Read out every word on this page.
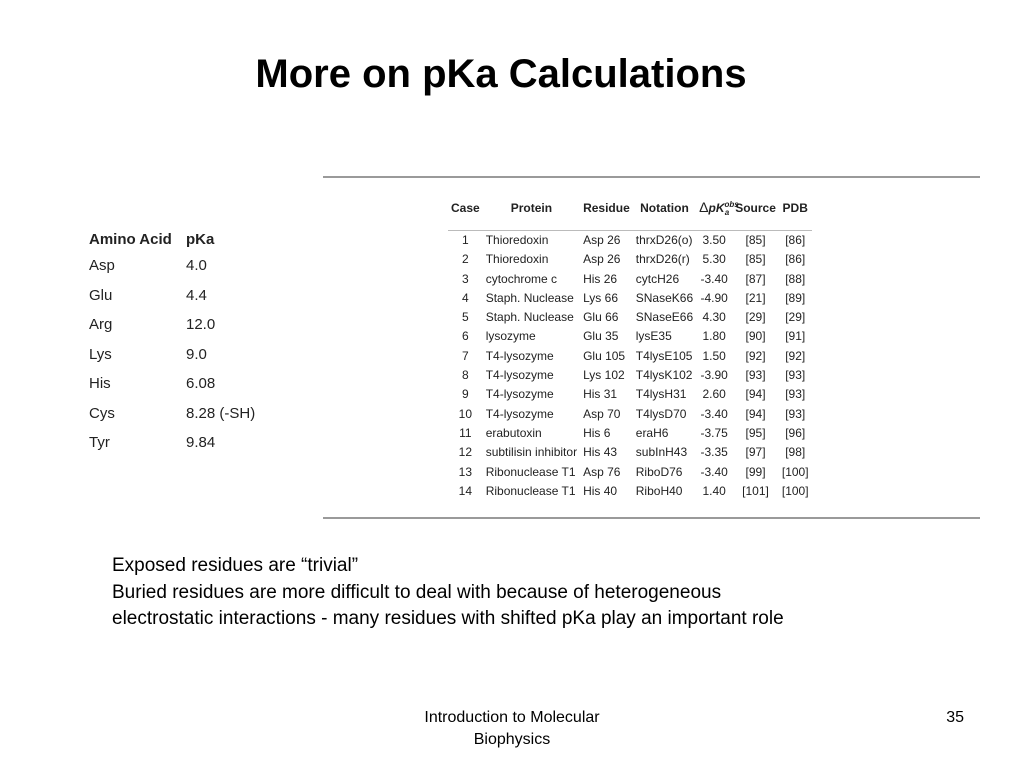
More on pKa Calculations
Amino Acid	pKa
Asp	4.0
Glu	4.4
Arg	12.0
Lys	9.0
His	6.08
Cys	8.28 (-SH)
Tyr	9.84
Case	Protein	Residue	Notation	ΔpK$^{obs}_a$	Source	PDB

1	Thioredoxin	Asp 26	thrxD26(o)	3.50	[85]	[86]
2	Thioredoxin	Asp 26	thrxD26(r)	5.30	[85]	[86]
3	cytochrome c	His 26	cytcH26	-3.40	[87]	[88]
4	Staph. Nuclease	Lys 66	SNaseK66	-4.90	[21]	[89]
5	Staph. Nuclease	Glu 66	SNaseE66	4.30	[29]	[29]
6	lysozyme	Glu 35	lysE35	1.80	[90]	[91]
7	T4-lysozyme	Glu 105	T4lysE105	1.50	[92]	[92]
8	T4-lysozyme	Lys 102	T4lysK102	-3.90	[93]	[93]
9	T4-lysozyme	His 31	T4lysH31	2.60	[94]	[93]
10	T4-lysozyme	Asp 70	T4lysD70	-3.40	[94]	[93]
11	erabutoxin	His 6	eraH6	-3.75	[95]	[96]
12	subtilisin inhibitor	His 43	subInH43	-3.35	[97]	[98]
13	Ribonuclease T1	Asp 76	RiboD76	-3.40	[99]	[100]
14	Ribonuclease T1	His 40	RiboH40	1.40	[101]	[100]
Exposed residues are “trivial”
Buried residues are more difficult to deal with because of heterogeneous
electrostatic interactions - many residues with shifted pKa play an important role
Introduction to Molecular
Biophysics
35
